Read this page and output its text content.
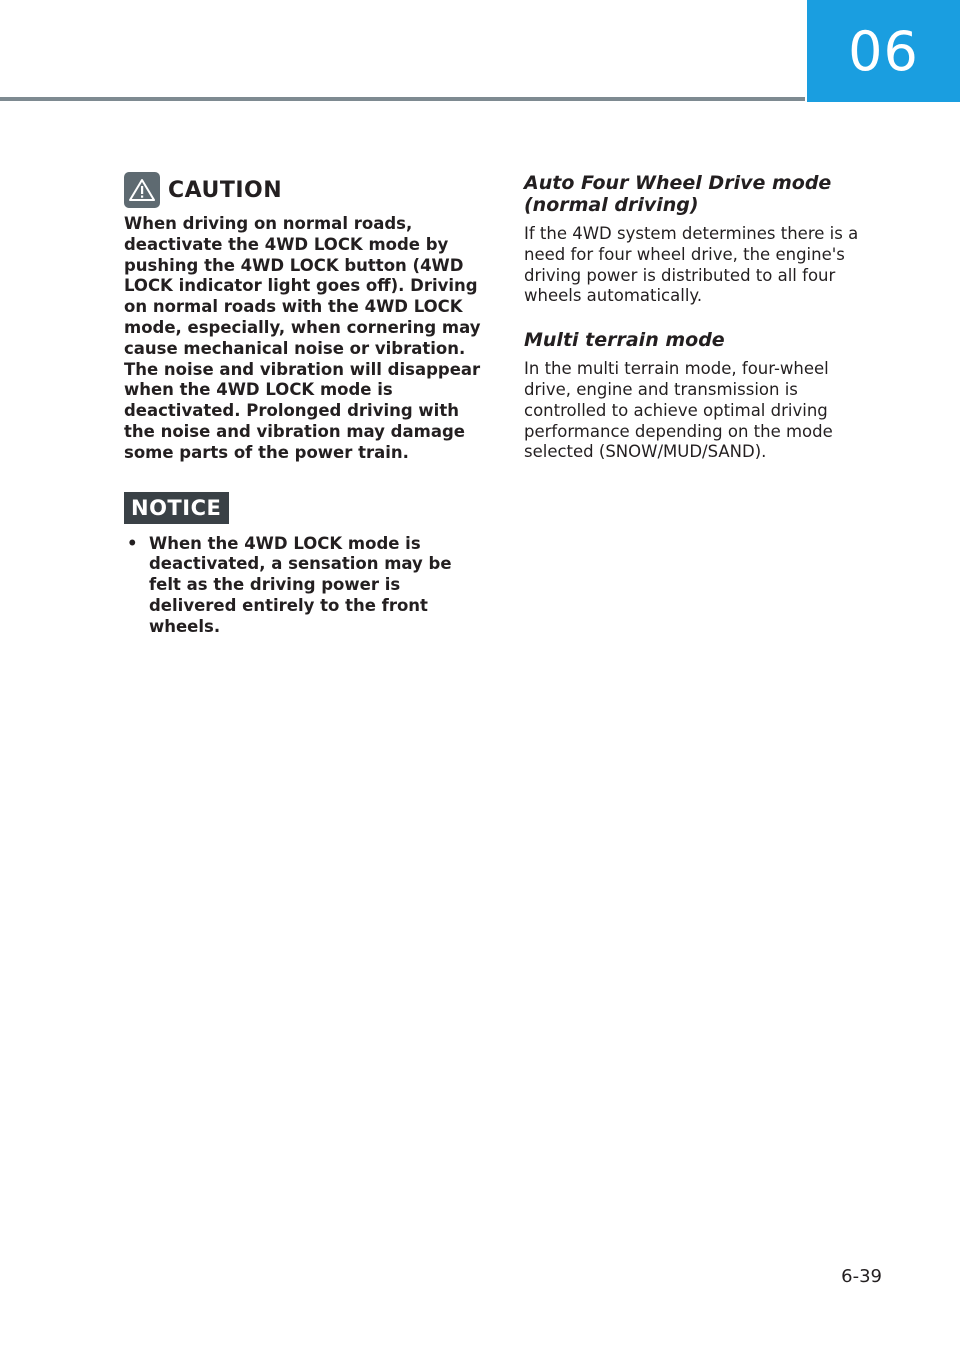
06
CAUTION

When driving on normal roads, deactivate the 4WD LOCK mode by pushing the 4WD LOCK button (4WD LOCK indicator light goes off). Driving on normal roads with the 4WD LOCK mode, especially, when cornering may cause mechanical noise or vibration. The noise and vibration will disappear when the 4WD LOCK mode is deactivated. Prolonged driving with the noise and vibration may damage some parts of the power train.

NOTICE
• When the 4WD LOCK mode is deactivated, a sensation may be felt as the driving power is delivered entirely to the front wheels.
Auto Four Wheel Drive mode (normal driving)

If the 4WD system determines there is a need for four wheel drive, the engine's driving power is distributed to all four wheels automatically.

Multi terrain mode

In the multi terrain mode, four-wheel drive, engine and transmission is controlled to achieve optimal driving performance depending on the mode selected (SNOW/MUD/SAND).

6-39
